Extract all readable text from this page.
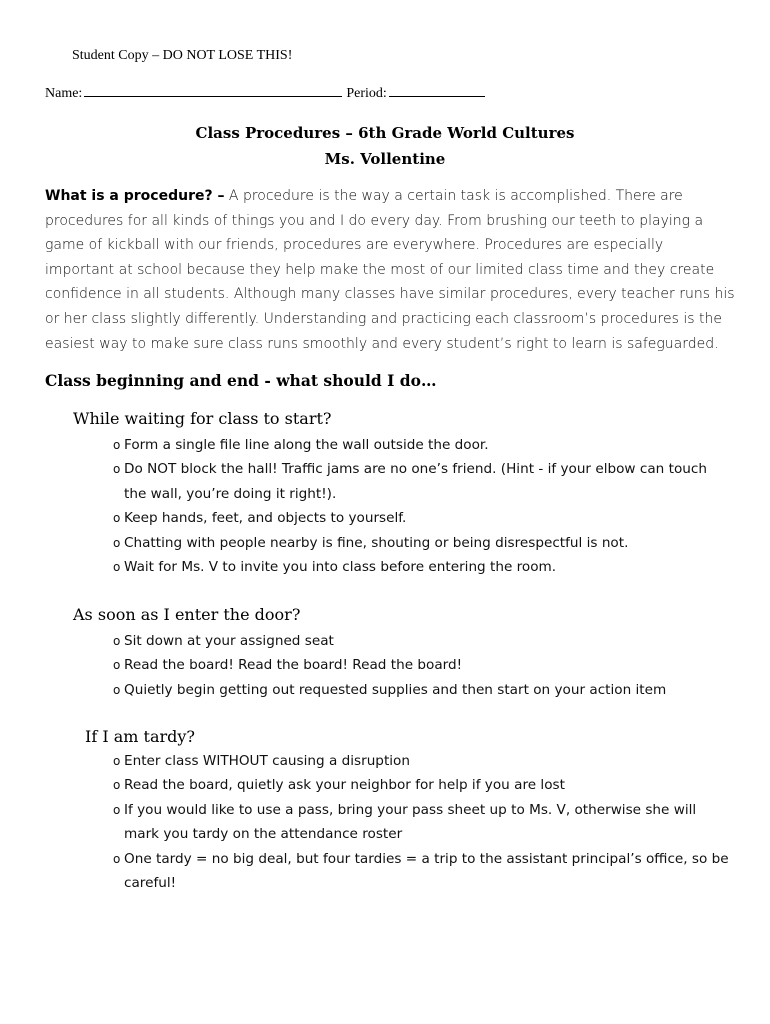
Student Copy – DO NOT LOSE THIS!
Name:	Period:
Class Procedures – 6th Grade World Cultures
Ms. Vollentine
What is a procedure? – A procedure is the way a certain task is accomplished. There are procedures for all kinds of things you and I do every day. From brushing our teeth to playing a game of kickball with our friends, procedures are everywhere. Procedures are especially important at school because they help make the most of our limited class time and they create confidence in all students. Although many classes have similar procedures, every teacher runs his or her class slightly differently. Understanding and practicing each classroom’s procedures is the easiest way to make sure class runs smoothly and every student’s right to learn is safeguarded.
Class beginning and end - what should I do…
While waiting for class to start?
o Form a single file line along the wall outside the door.
o Do NOT block the hall! Traffic jams are no one’s friend. (Hint - if your elbow can touch the wall, you’re doing it right!).
o Keep hands, feet, and objects to yourself.
o Chatting with people nearby is fine, shouting or being disrespectful is not.
o Wait for Ms. V to invite you into class before entering the room.
As soon as I enter the door?
o Sit down at your assigned seat
o Read the board! Read the board! Read the board!
o Quietly begin getting out requested supplies and then start on your action item
If I am tardy?
o Enter class WITHOUT causing a disruption
o Read the board, quietly ask your neighbor for help if you are lost
o If you would like to use a pass, bring your pass sheet up to Ms. V, otherwise she will mark you tardy on the attendance roster
o One tardy = no big deal, but four tardies = a trip to the assistant principal’s office, so be careful!
